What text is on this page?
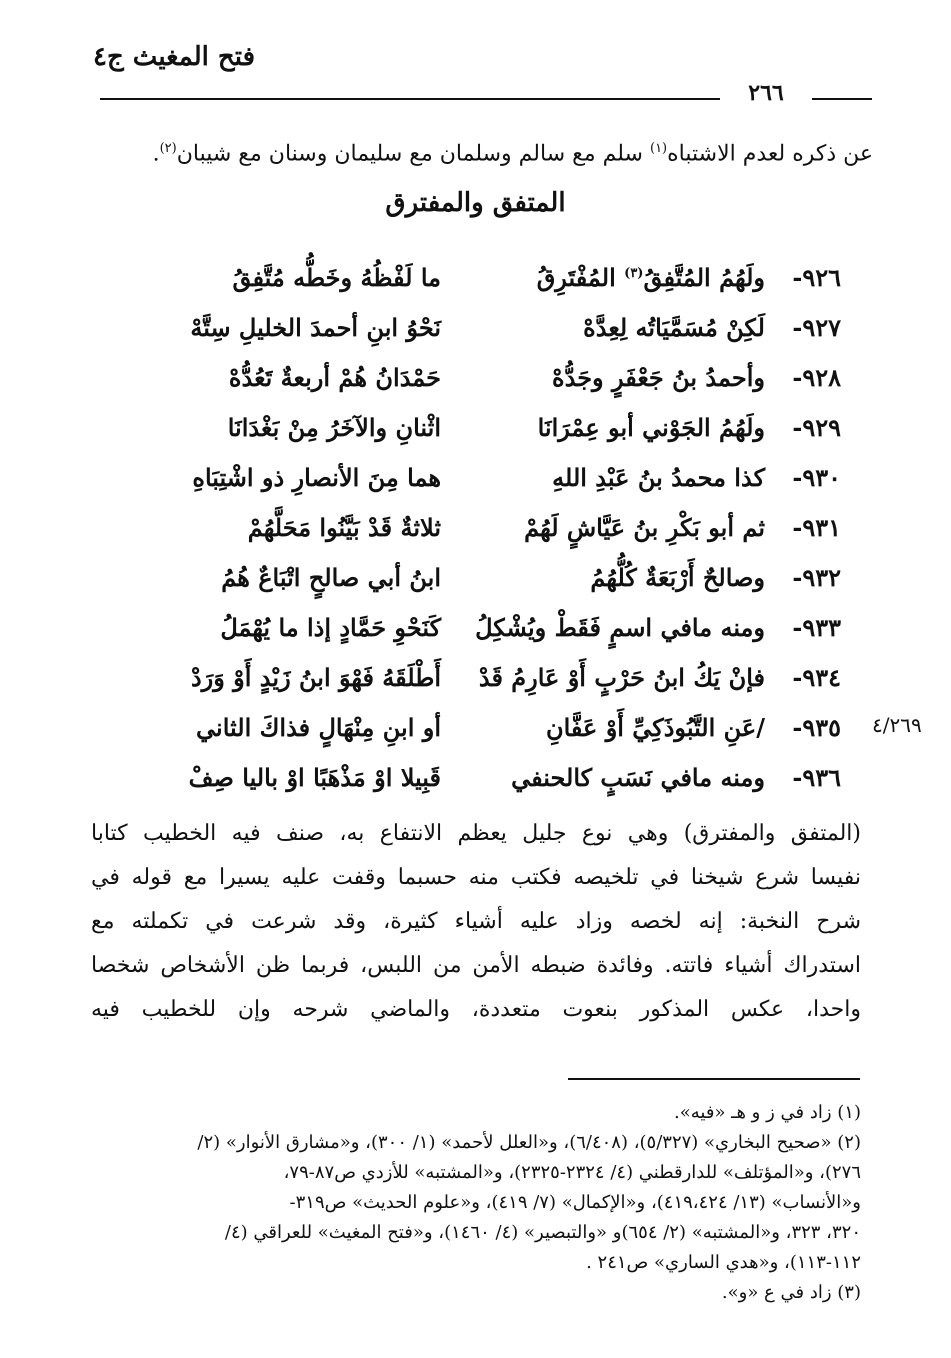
فتح المغيث ج٤
٢٦٦
عن ذكره لعدم الاشتباه$^{(١)}$ سلم مع سالم وسلمان مع سليمان وسنان مع شيبان$^{(٢)}$.
المتفق والمفترق
٩٢٦-
ولَهُمُ المُتَّفِقُ$^{(٣)}$ المُفْتَرِقُ
ما لَفْظُهُ وخَطُّه مُتَّفِقُ
٩٢٧-
لَكِنْ مُسَمَّيَاتُه لِعِدَّهْ
نَحْوُ ابنِ أحمدَ الخليلِ سِتَّهْ
٩٢٨-
وأحمدُ بنُ جَعْفَرٍ وجَدُّهْ
حَمْدَانُ هُمْ أربعةٌ تَعُدُّهْ
٩٢٩-
ولَهُمُ الجَوْني أبو عِمْرَانَا
اثْنانِ والآخَرُ مِنْ بَغْدَانَا
٩٣٠-
كذا محمدُ بنُ عَبْدِ اللهِ
هما مِنَ الأنصارِ ذو اشْتِبَاهِ
٩٣١-
ثم أبو بَكْرِ بنُ عَيَّاشٍ لَهُمْ
ثلاثةٌ قَدْ بَيَّنُوا مَحَلَّهُمْ
٩٣٢-
وصالحٌ أَرْبَعَةٌ كُلُّهُمُ
ابنُ أبي صالحٍ اتْبَاعٌ هُمُ
٩٣٣-
ومنه مافي اسمٍ فَقَطْ ويُشْكِلُ
كَنَحْوِ حَمَّادٍ إذا ما يُهْمَلُ
٩٣٤-
فإنْ يَكُ ابنُ حَرْبٍ أَوْ عَارِمُ قَدْ
أَطْلَقَهُ فَهْوَ ابنُ زَيْدٍ أَوْ وَرَدْ
٩٣٥-
/عَنِ التَّبُوذَكِيِّ أَوْ عَفَّانِ
أو ابنِ مِنْهَالٍ فذاكَ الثاني
٩٣٦-
ومنه مافي نَسَبٍ كالحنفي
قَبِيلا اوْ مَذْهَبًا اوْ باليا صِفْ
٤/٢٦٩
(المتفق والمفترق) وهي نوع جليل يعظم الانتفاع به، صنف فيه الخطيب كتابا
نفيسا شرع شيخنا في تلخيصه فكتب منه حسبما وقفت عليه يسيرا مع قوله في
شرح النخبة: إنه لخصه وزاد عليه أشياء كثيرة، وقد شرعت في تكملته مع
استدراك أشياء فاتته. وفائدة ضبطه الأمن من اللبس، فربما ظن الأشخاص شخصا
واحدا، عكس المذكور بنعوت متعددة، والماضي شرحه وإن للخطيب فيه
(١) زاد في ز و هـ «فيه».
(٢) «صحيح البخاري» (٥/٣٢٧)، (٦/٤٠٨)، و«العلل لأحمد» (١/ ٣٠٠)، و«مشارق الأنوار» (٢/
٢٧٦)، و«المؤتلف» للدارقطني (٤/ ٢٣٢٤-٢٣٢٥)، و«المشتبه» للأزدي ص٨٧-٧٩،
و«الأنساب» (١٣/ ٤١٩،٤٢٤)، و«الإكمال» (٧/ ٤١٩)، و«علوم الحديث» ص٣١٩-
٣٢٠، ٣٢٣، و«المشتبه» (٢/ ٦٥٤)و «والتبصير» (٤/ ١٤٦٠)، و«فتح المغيث» للعراقي (٤/
١١٢-١١٣)، و«هدي الساري» ص٢٤١ .
(٣) زاد في ع «و».
